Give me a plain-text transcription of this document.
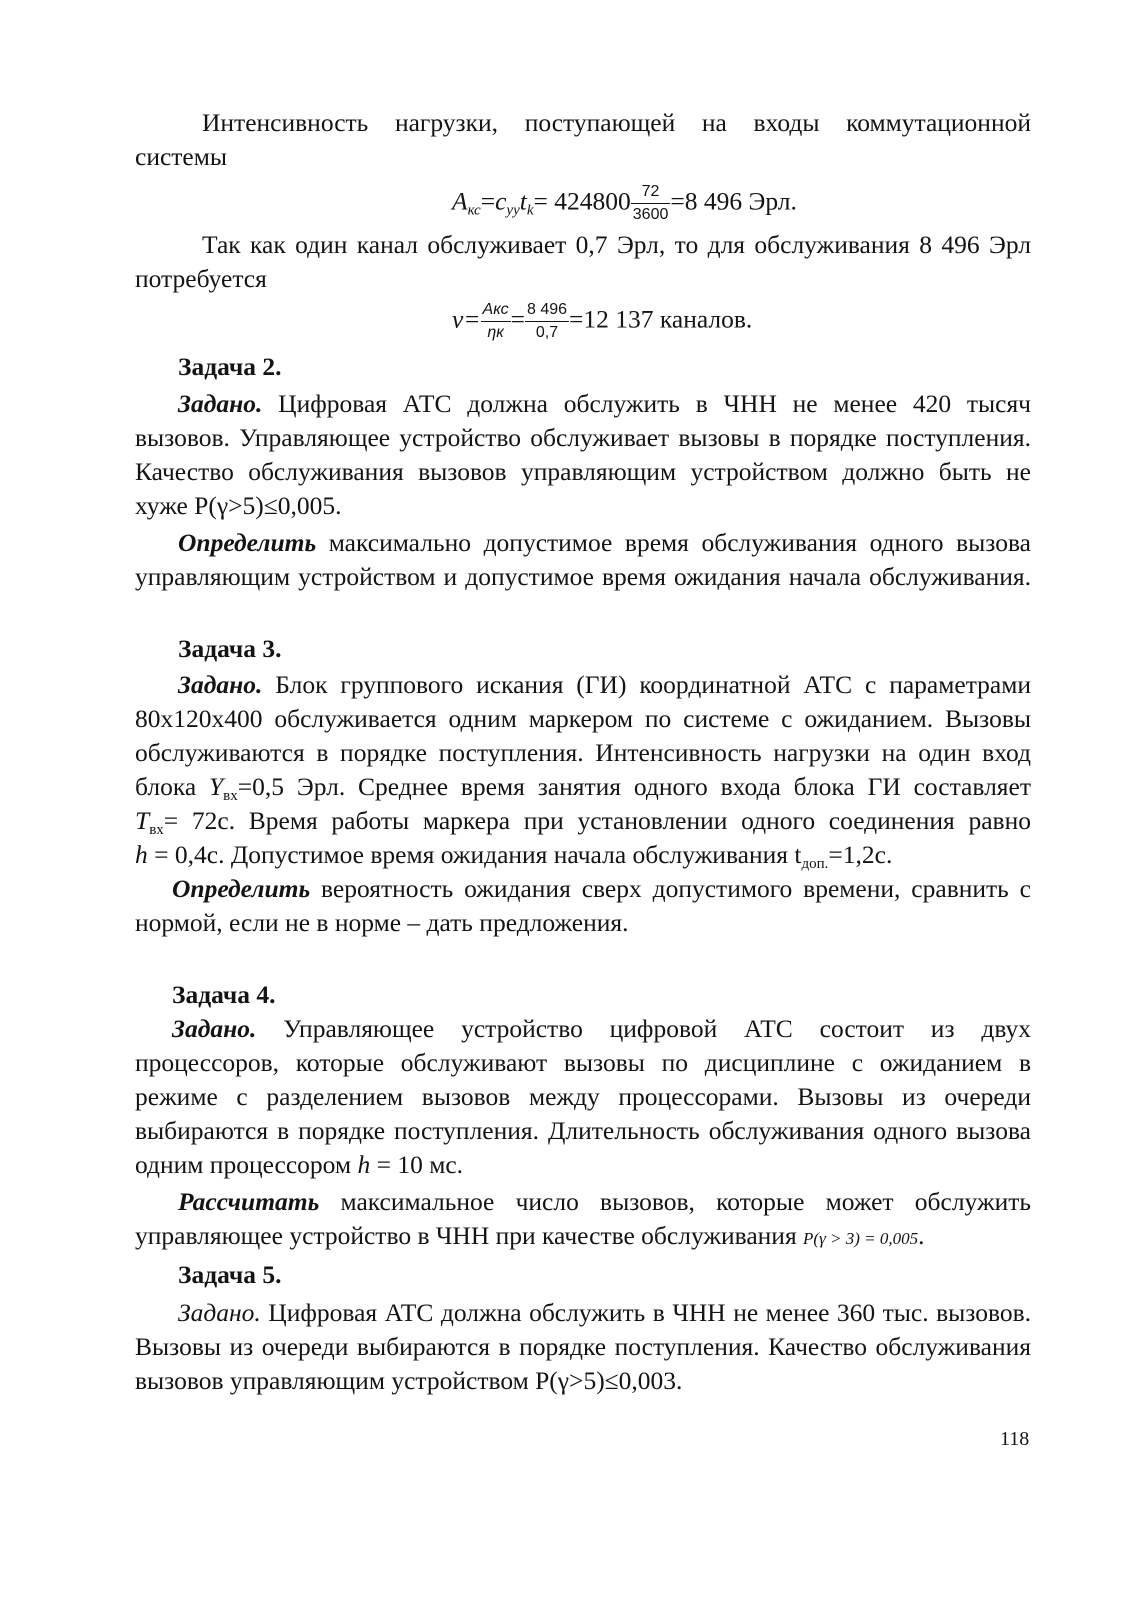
Интенсивность нагрузки, поступающей на входы коммутационной
системы
Aкс=cууtk= $424800 \frac{72}{3600} =8$ 496 Эрл.
Так как один канал обслуживает 0,7 Эрл, то для обслуживания 8 496 Эрл
потребуется
$v= \frac{\text{Aкс}}{\eta к} = \frac{8 496}{0,7} =12$ 137 каналов.
Задача 2.
Задано. Цифровая АТС должна обслужить в ЧНН не менее 420 тысяч
вызовов. Управляющее устройство обслуживает вызовы в порядке поступления.
Качество обслуживания вызовов управляющим устройством должно быть не
хуже P(γ>5)≤0,005.
Определить максимально допустимое время обслуживания одного вызова
управляющим устройством и допустимое время ожидания начала обслуживания.
Задача 3.
Задано. Блок группового искания (ГИ) координатной АТС с параметрами
80x120x400 обслуживается одним маркером по системе с ожиданием. Вызовы
обслуживаются в порядке поступления. Интенсивность нагрузки на один вход
блока $Y_{вх}=0,5$ Эрл. Среднее время занятия одного входа блока ГИ составляет
$T_{вх}= 72с$. Время работы маркера при установлении одного соединения равно
h = 0,4с. Допустимое время ожидания начала обслуживания $t_{доп.}=1,2с$.
Определить вероятность ожидания сверх допустимого времени, сравнить с
нормой, если не в норме – дать предложения.
Задача 4.
Задано. Управляющее устройство цифровой АТС состоит из двух
процессоров, которые обслуживают вызовы по дисциплине с ожиданием в
режиме с разделением вызовов между процессорами. Вызовы из очереди
выбираются в порядке поступления. Длительность обслуживания одного вызова
одним процессором h = 10 мс.
Рассчитать максимальное число вызовов, которые может обслужить
управляющее устройство в ЧНН при качестве обслуживания P(γ > 3) = 0,005.
Задача 5.
Задано. Цифровая АТС должна обслужить в ЧНН не менее 360 тыс. вызовов.
Вызовы из очереди выбираются в порядке поступления. Качество обслуживания
вызовов управляющим устройством P(γ>5)≤0,003.
118
